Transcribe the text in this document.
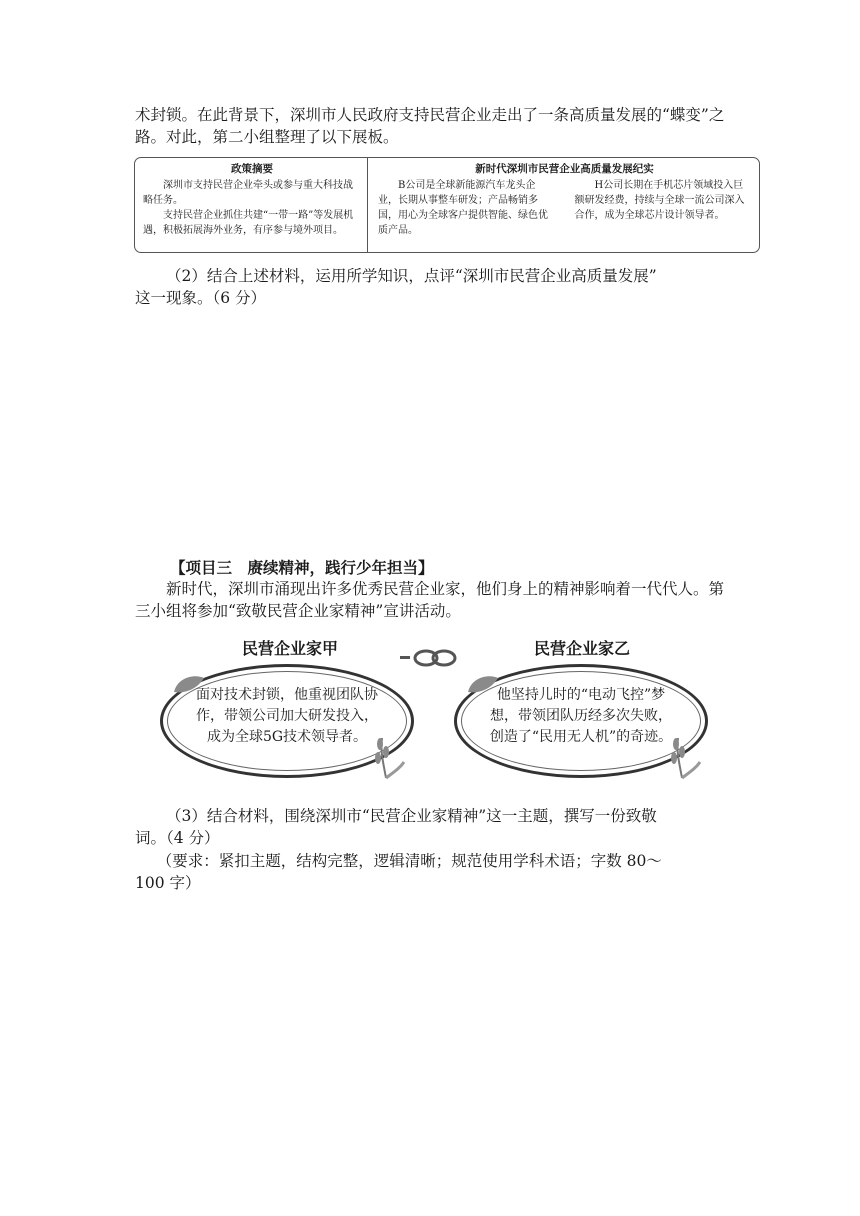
术封锁。在此背景下，深圳市人民政府支持民营企业走出了一条高质量发展的“蝶变”之路。对此，第二小组整理了以下展板。

政策摘要

深圳市支持民营企业牵头或参与重大科技战略任务。

支持民营企业抓住共建“一带一路”等发展机遇，积极拓展海外业务，有序参与境外项目。

新时代深圳市民营企业高质量发展纪实

B公司是全球新能源汽车龙头企业，长期从事整车研发；产品畅销多国，用心为全球客户提供智能、绿色优质产品。

H公司长期在手机芯片领域投入巨额研发经费，持续与全球一流公司深入合作，成为全球芯片设计领导者。

（2）结合上述材料，运用所学知识，点评“深圳市民营企业高质量发展”

这一现象。（6 分）

【项目三　赓续精神，践行少年担当】

新时代，深圳市涌现出许多优秀民营企业家，他们身上的精神影响着一代代人。第三小组将参加“致敬民营企业家精神”宣讲活动。

民营企业家甲	民营企业家乙
面对技术封锁，他重视团队协作，带领公司加大研发投入，成为全球5G技术领导者。
他坚持儿时的“电动飞控”梦想，带领团队历经多次失败，创造了“民用无人机”的奇迹。

（3）结合材料，围绕深圳市“民营企业家精神”这一主题，撰写一份致敬

词。（4 分）

（要求：紧扣主题，结构完整，逻辑清晰；规范使用学科术语；字数 80～

100 字）
